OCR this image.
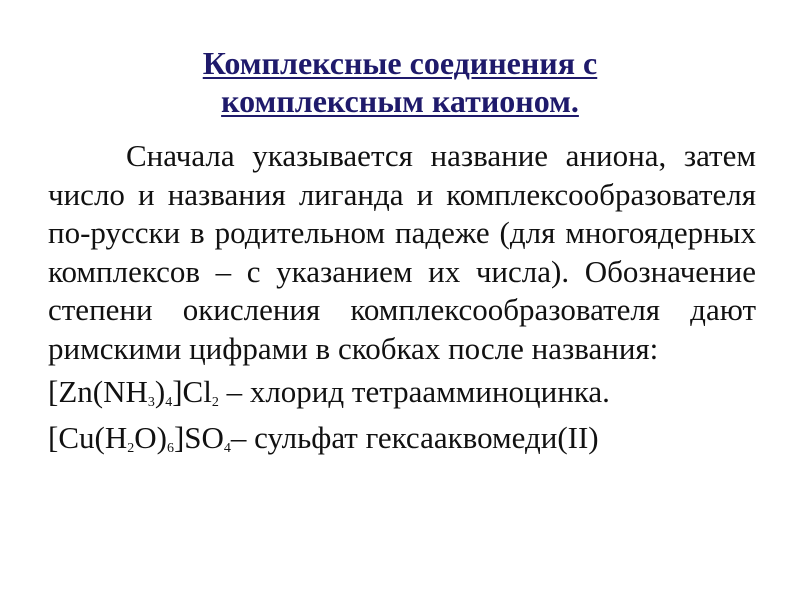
Комплексные соединения с
комплексным катионом.

Сначала указывается название аниона, затем число и названия лиганда и комплексообразователя по-русски в родительном падеже (для многоядерных комплексов – с указанием их числа). Обозначение степени окисления комплексообразователя дают римскими цифрами в скобках после названия:

$[Zn(NH_3)_4]Cl_2$ – хлорид тетраамминоцинка.
$[Cu(H_2O)_6]SO_4-$ сульфат гексааквомеди(II)
